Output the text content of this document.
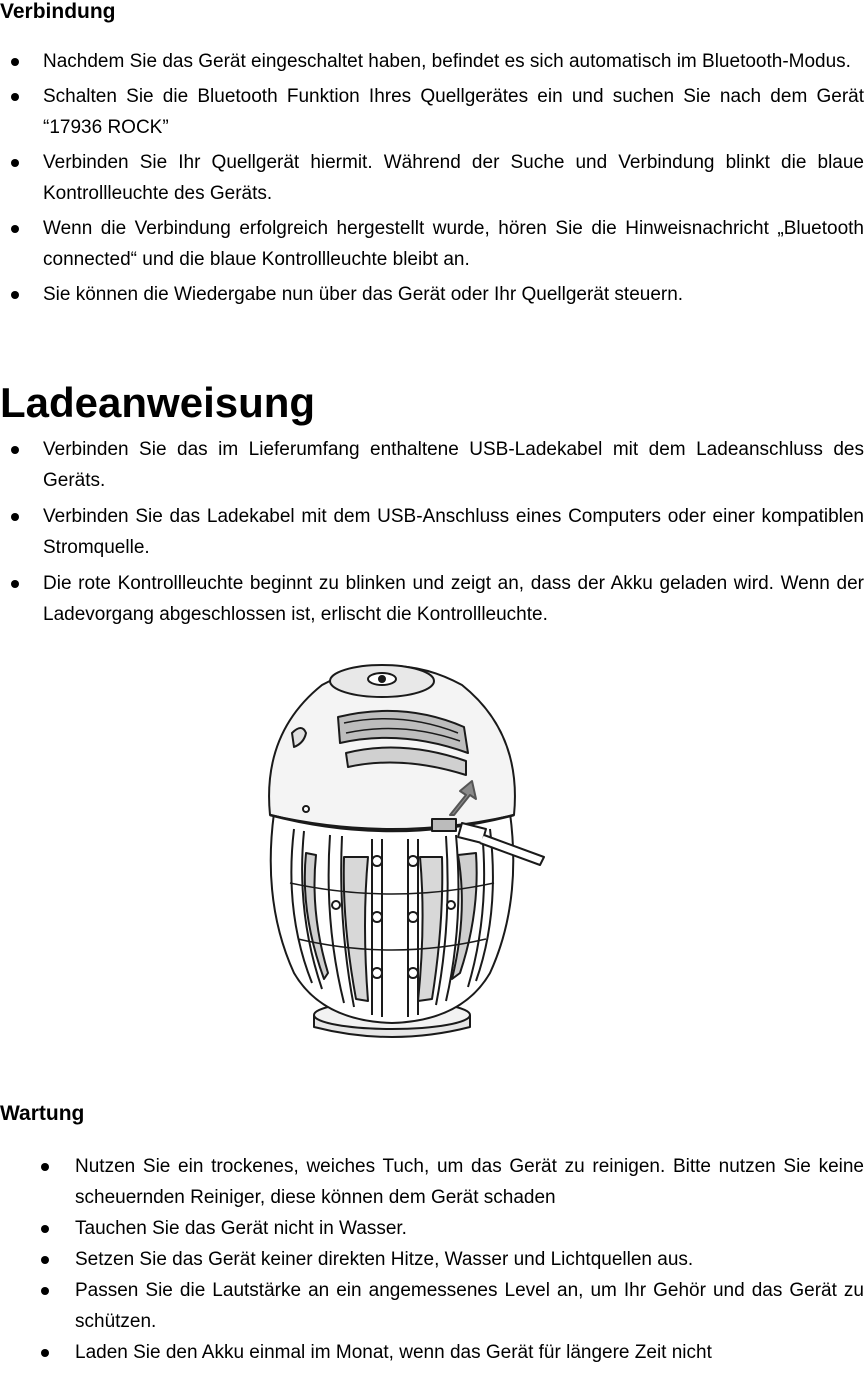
Verbindung
Nachdem Sie das Gerät eingeschaltet haben, befindet es sich automatisch im Bluetooth-Modus.
Schalten Sie die Bluetooth Funktion Ihres Quellgerätes ein und suchen Sie nach dem Gerät “17936 ROCK”
Verbinden Sie Ihr Quellgerät hiermit. Während der Suche und Verbindung blinkt die blaue Kontrollleuchte des Geräts.
Wenn die Verbindung erfolgreich hergestellt wurde, hören Sie die Hinweisnachricht „Bluetooth connected“ und die blaue Kontrollleuchte bleibt an.
Sie können die Wiedergabe nun über das Gerät oder Ihr Quellgerät steuern.
Ladeanweisung
Verbinden Sie das im Lieferumfang enthaltene USB-Ladekabel mit dem Ladeanschluss des Geräts.
Verbinden Sie das Ladekabel mit dem USB-Anschluss eines Computers oder einer kompatiblen Stromquelle.
Die rote Kontrollleuchte beginnt zu blinken und zeigt an, dass der Akku geladen wird. Wenn der Ladevorgang abgeschlossen ist, erlischt die Kontrollleuchte.
Wartung
Nutzen Sie ein trockenes, weiches Tuch, um das Gerät zu reinigen. Bitte nutzen Sie keine scheuernden Reiniger, diese können dem Gerät schaden
Tauchen Sie das Gerät nicht in Wasser.
Setzen Sie das Gerät keiner direkten Hitze, Wasser und Lichtquellen aus.
Passen Sie die Lautstärke an ein angemessenes Level an, um Ihr Gehör und das Gerät zu schützen.
Laden Sie den Akku einmal im Monat, wenn das Gerät für längere Zeit nicht
